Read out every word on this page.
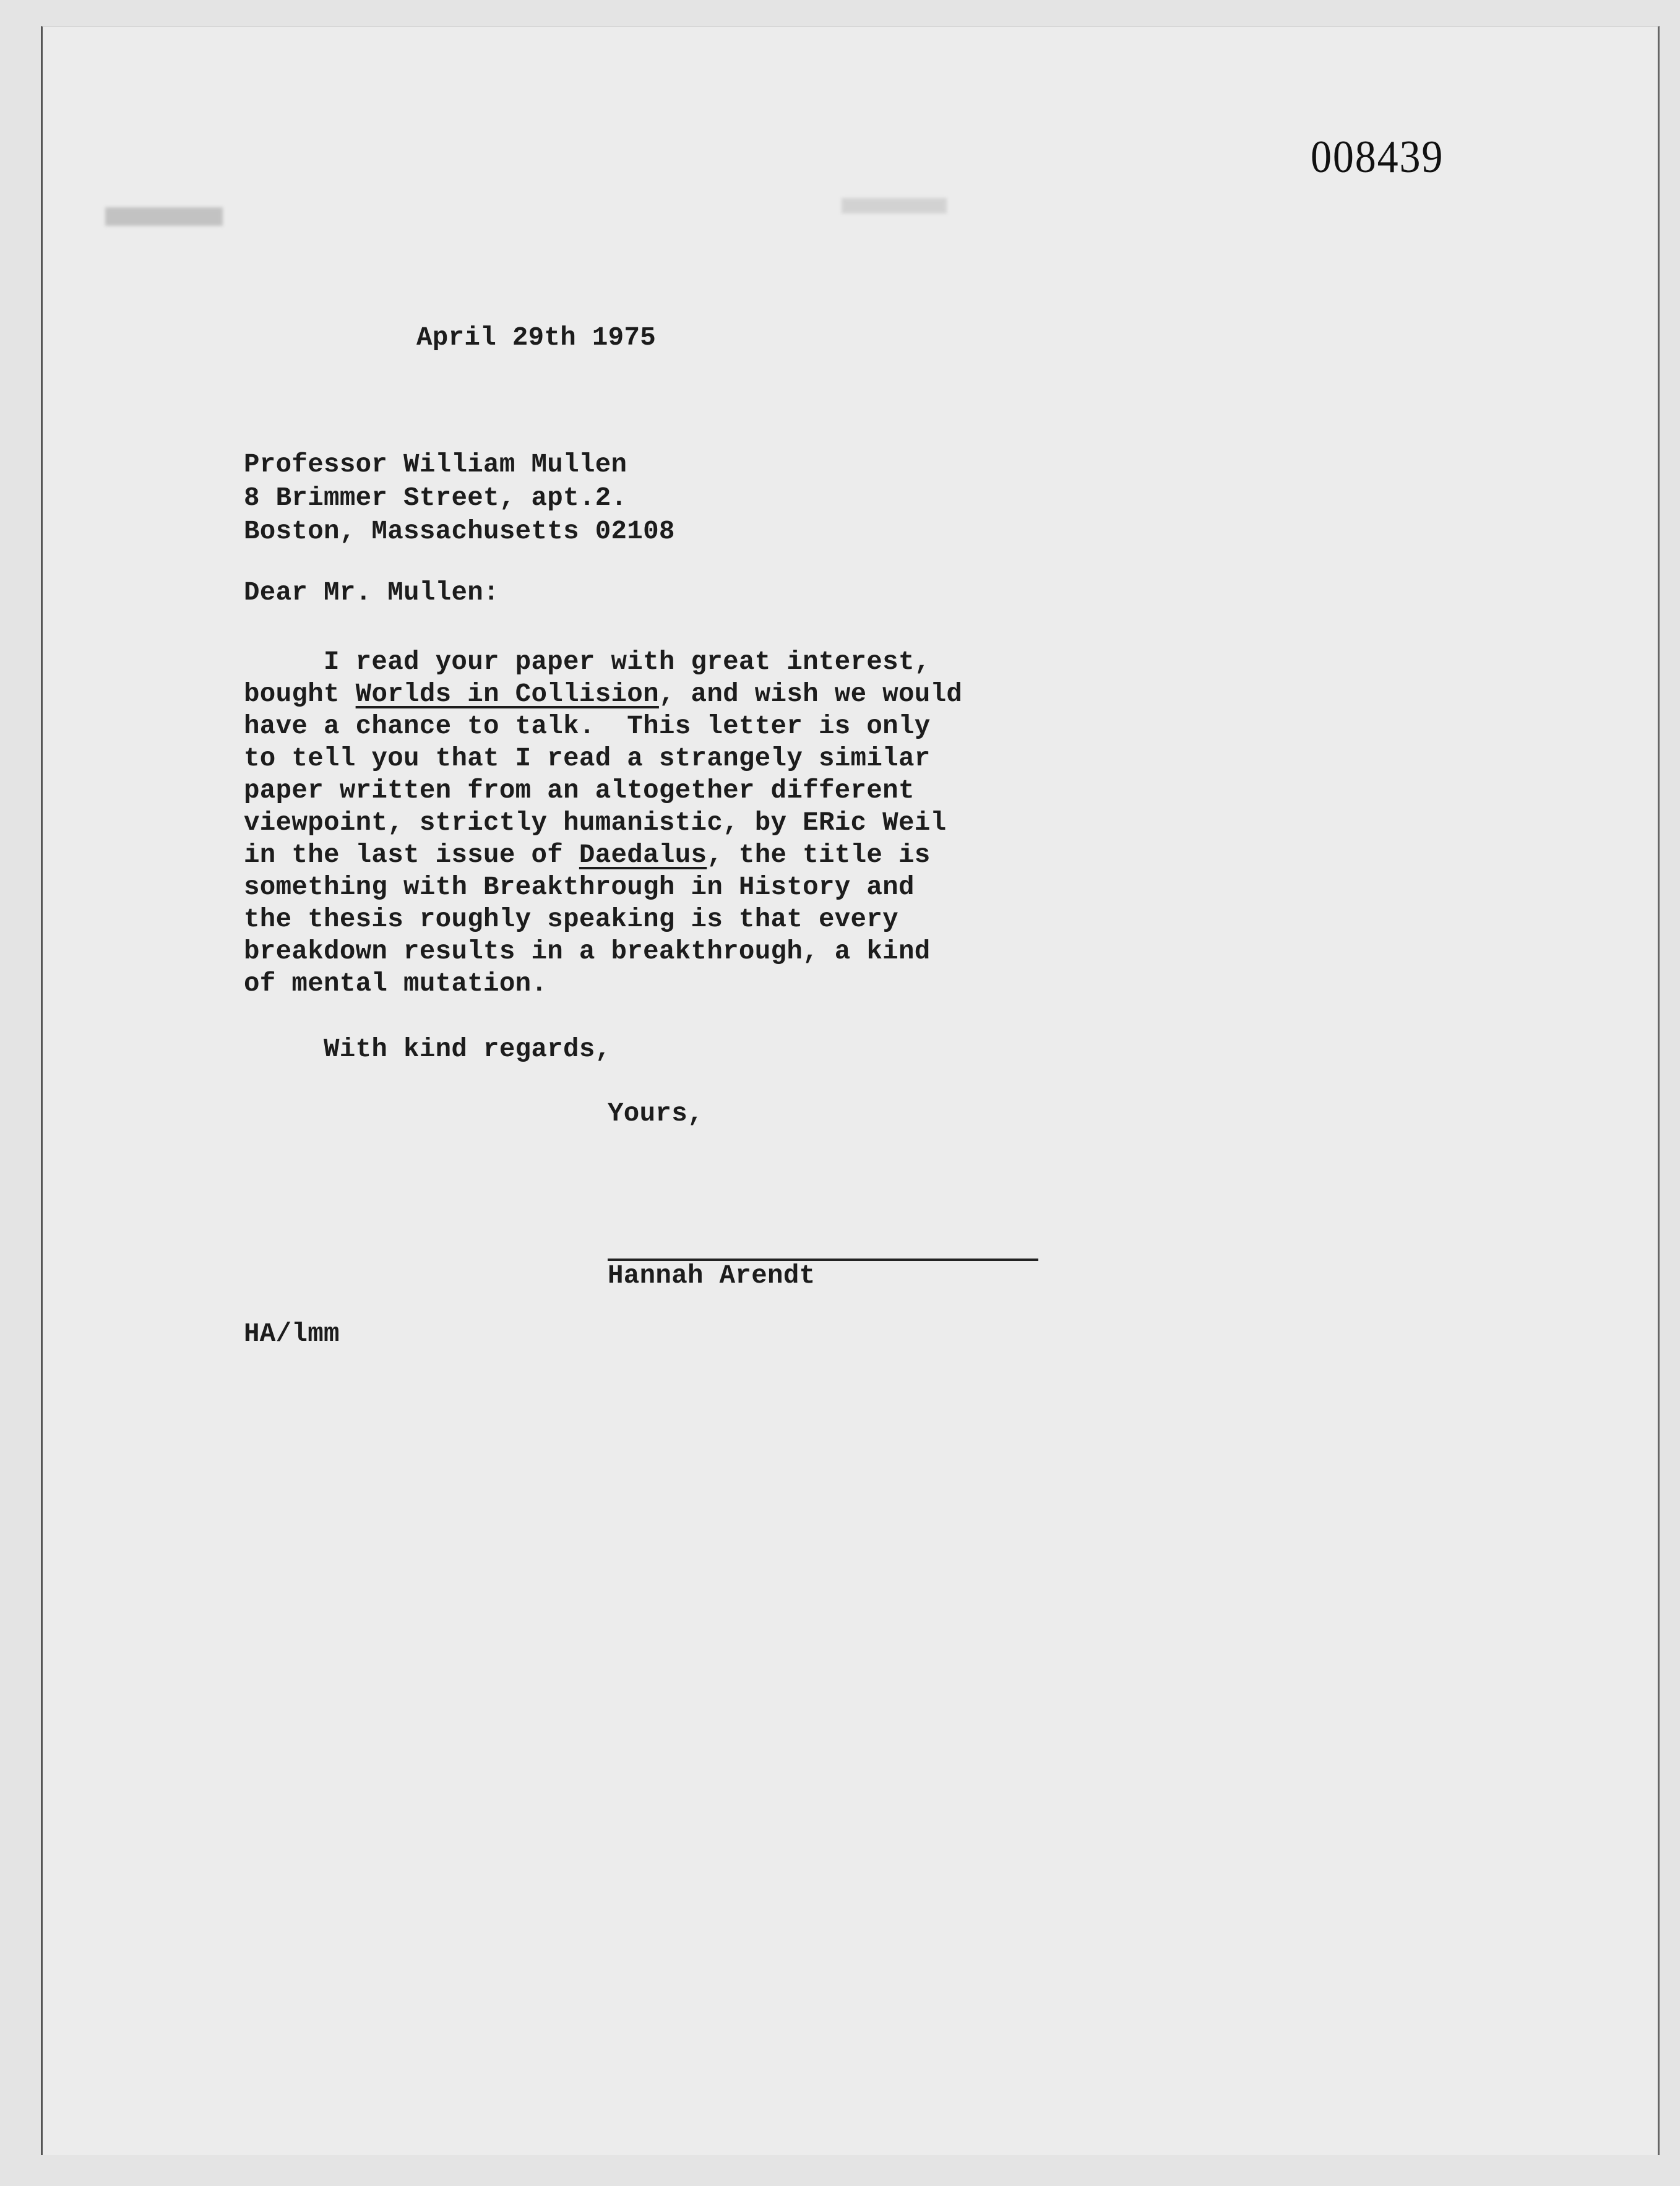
008439
April 29th 1975
Professor William Mullen
8 Brimmer Street, apt.2.
Boston, Massachusetts 02108
Dear Mr. Mullen:
I read your paper with great interest,
bought Worlds in Collision, and wish we would
have a chance to talk.  This letter is only
to tell you that I read a strangely similar
paper written from an altogether different
viewpoint, strictly humanistic, by ERic Weil
in the last issue of Daedalus, the title is
something with Breakthrough in History and
the thesis roughly speaking is that every
breakdown results in a breakthrough, a kind
of mental mutation.
With kind regards,
Yours,
Hannah Arendt
HA/lmm
